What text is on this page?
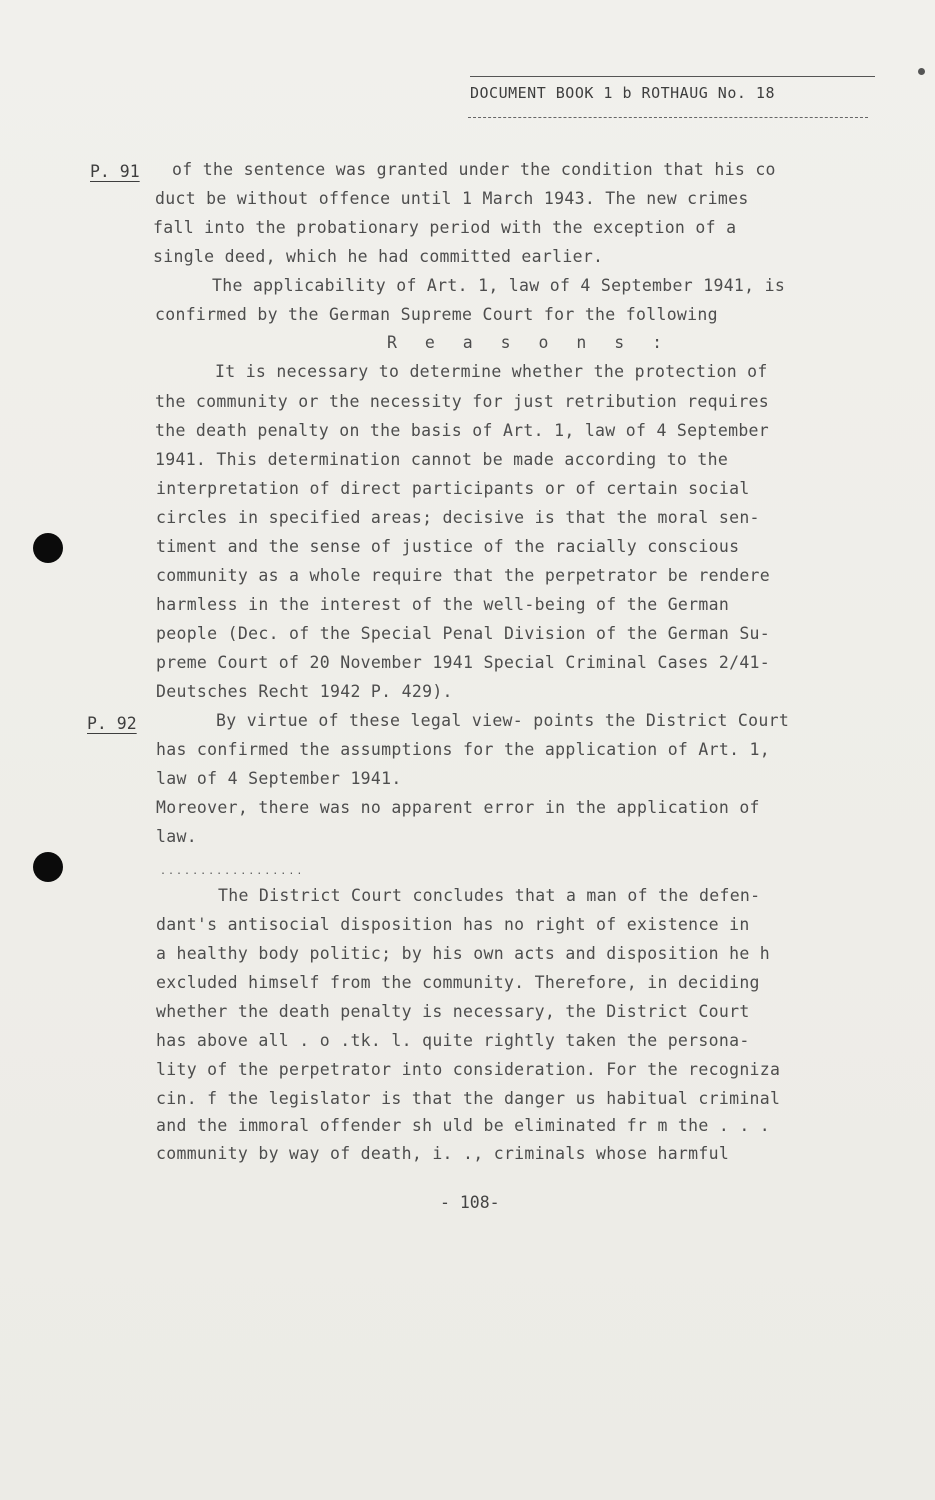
DOCUMENT BOOK 1 b ROTHAUG No. 18
P. 91
P. 92
of the sentence was granted under the condition that his co
duct be without offence until 1 March 1943. The new crimes
fall into the probationary period with the exception of a
single deed, which he had committed earlier.
The applicability of Art. 1, law of 4 September 1941, is
confirmed by the German Supreme Court for the following
R e a s o n s :
It is necessary to determine whether the protection of
the community or the necessity for just retribution requires
the death penalty on the basis of Art. 1, law of 4 September
1941. This determination cannot be made according to the
interpretation of direct participants or of certain social
circles in specified areas; decisive is that the moral sen-
timent and the sense of justice of the racially conscious
community as a whole require that the perpetrator be rendere
harmless in the interest of the well-being of the German
people (Dec. of the Special Penal Division of the German Su-
preme Court of 20 November 1941 Special Criminal Cases 2/41-
Deutsches Recht 1942 P. 429).
By virtue of these legal view- points the District Court
has confirmed the assumptions for the application of Art. 1,
law of 4 September 1941.
Moreover, there was no apparent error in the application of
law.
..................
The District Court concludes that a man of the defen-
dant's antisocial disposition has no right of existence in
a healthy body politic; by his own acts and disposition he h
excluded himself from the community. Therefore, in deciding
whether the death penalty is necessary, the District Court
has above all . o .tk. l. quite rightly taken the persona-
lity of the perpetrator into consideration. For the recogniza
cin. f the legislator is that the danger us habitual criminal
and the immoral offender sh uld be eliminated fr m the . . .
community by way of death, i. ., criminals whose harmful
- 108-
